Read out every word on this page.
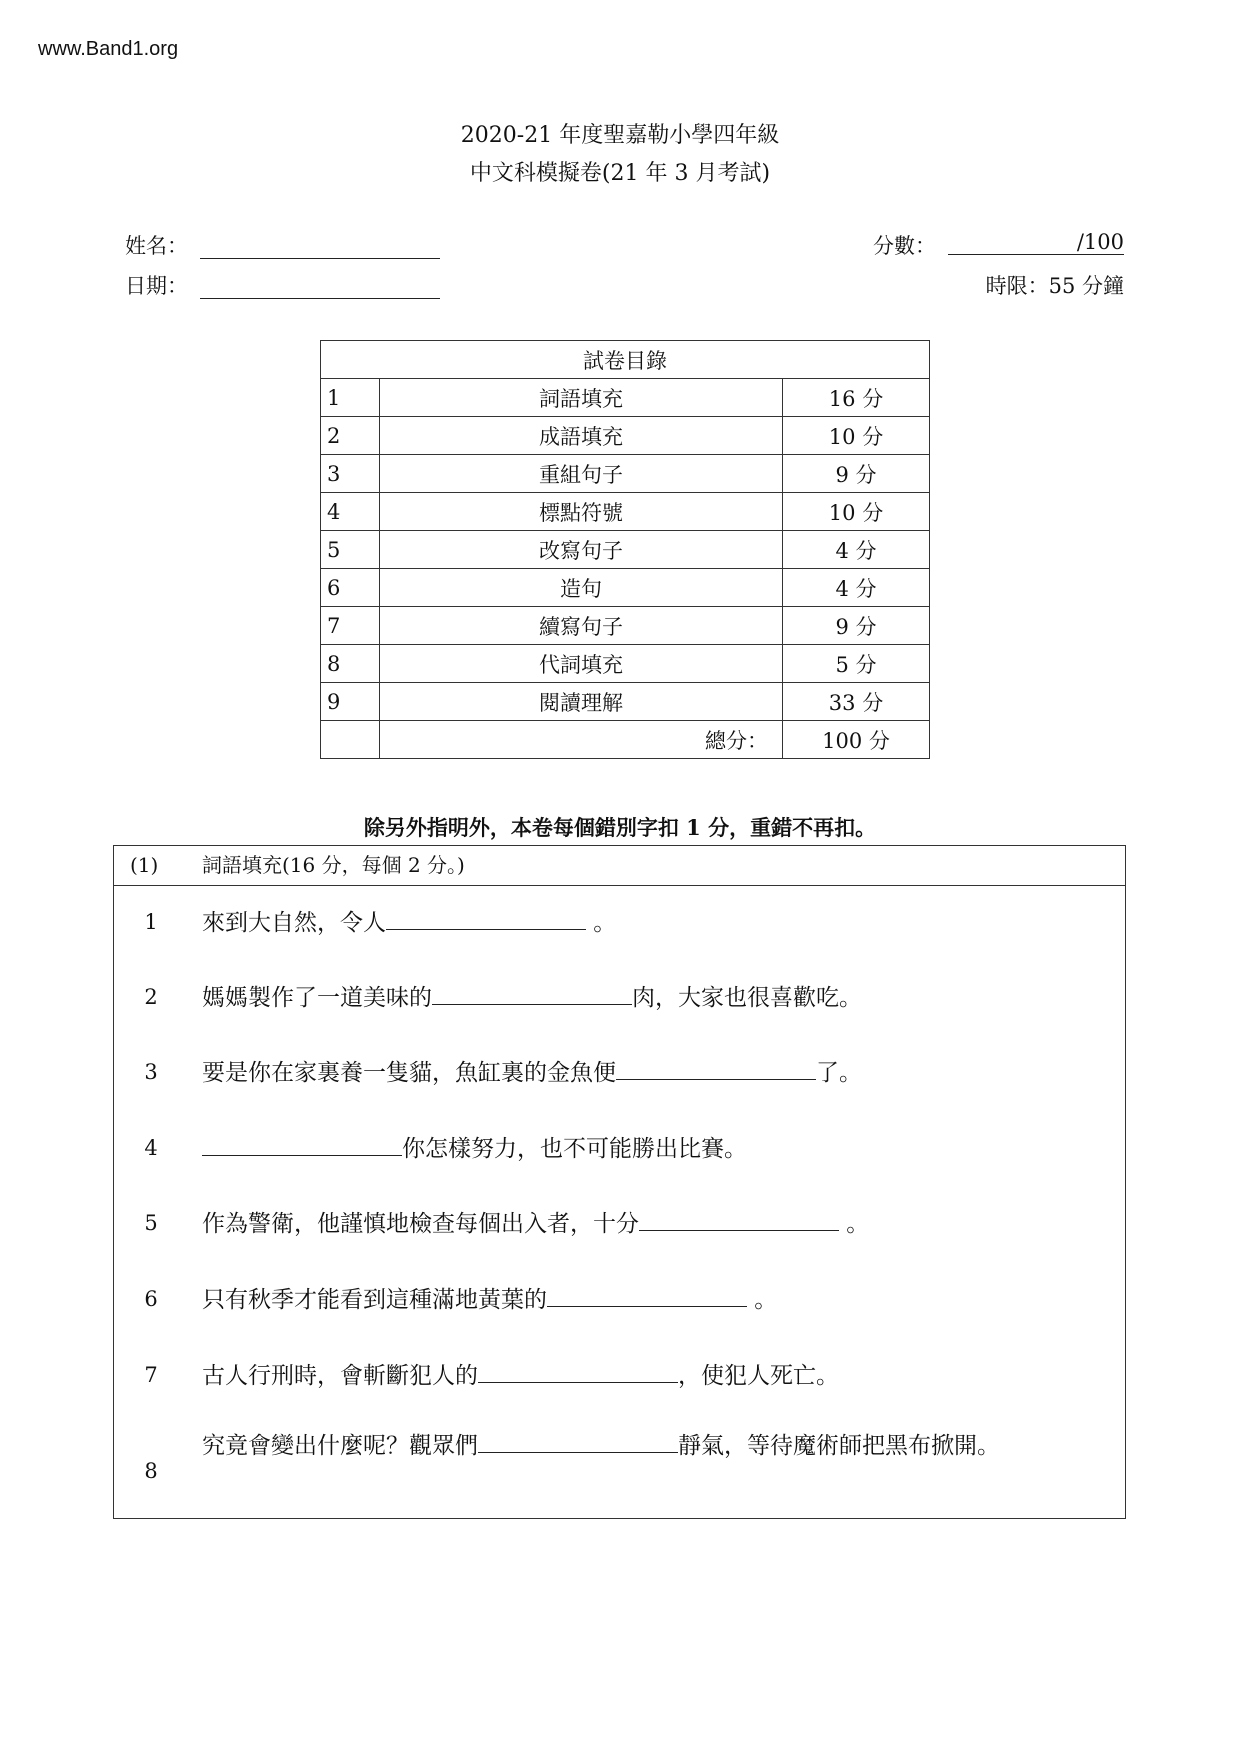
www.Band1.org
2020-21 年度聖嘉勒小學四年級
中文科模擬卷(21 年 3 月考試)
姓名：
日期：
分數：	/100
時限：55 分鐘
試卷目錄		
1	詞語填充	16 分
2	成語填充	10 分
3	重組句子	9 分
4	標點符號	10 分
5	改寫句子	4 分
6	造句	4 分
7	續寫句子	9 分
8	代詞填充	5 分
9	閱讀理解	33 分
	總分：	100 分
除另外指明外，本卷每個錯別字扣 1 分，重錯不再扣。
(1) 詞語填充(16 分，每個 2 分。)
1 來到大自然，令人	。
2 媽媽製作了一道美味的	肉，大家也很喜歡吃。
3 要是你在家裏養一隻貓，魚缸裏的金魚便	了。
4	你怎樣努力，也不可能勝出比賽。
5 作為警衛，他謹慎地檢查每個出入者，十分	。
6 只有秋季才能看到這種滿地黃葉的	。
7 古人行刑時，會斬斷犯人的	，使犯人死亡。
8
究竟會變出什麼呢？觀眾們	靜氣，等待魔術師把黑布掀開。
